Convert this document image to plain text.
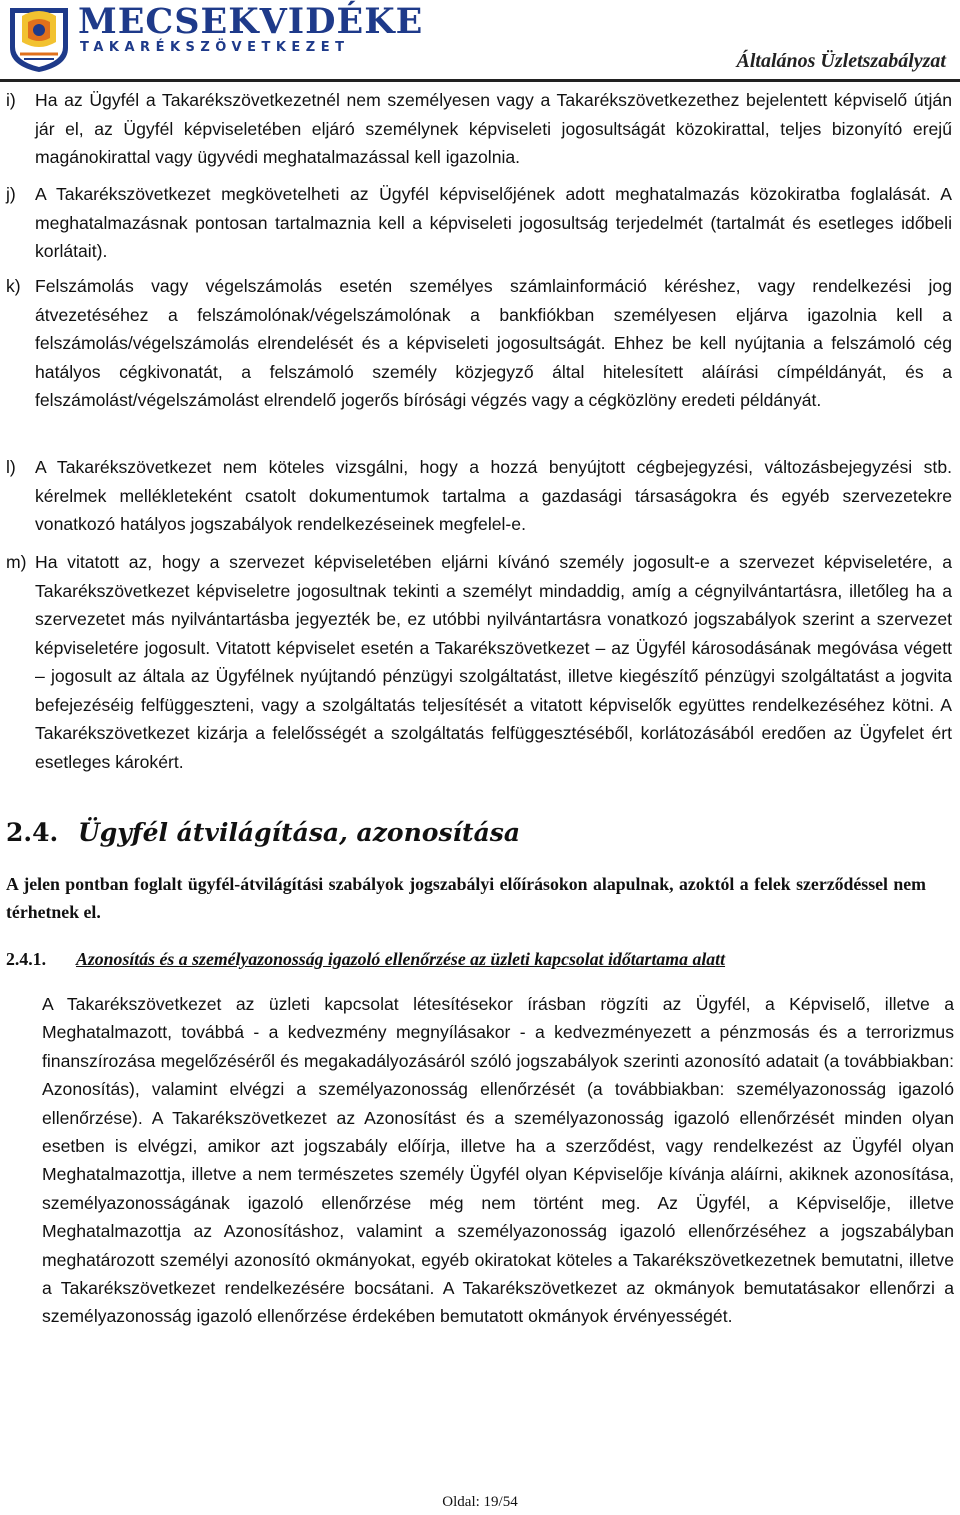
MECSEKVIDÉKE
TAKARÉKSZÖVETKEZET
Általános Üzletszabályzat
i) Ha az Ügyfél a Takarékszövetkezetnél nem személyesen vagy a Takarékszövetkezethez bejelentett képviselő útján jár el, az Ügyfél képviseletében eljáró személynek képviseleti jogosultságát közokirattal, teljes bizonyító erejű magánokirattal vagy ügyvédi meghatalmazással kell igazolnia.

j) A Takarékszövetkezet megkövetelheti az Ügyfél képviselőjének adott meghatalmazás közokiratba foglalását. A meghatalmazásnak pontosan tartalmaznia kell a képviseleti jogosultság terjedelmét (tartalmát és esetleges időbeli korlátait).

k) Felszámolás vagy végelszámolás esetén személyes számlainformáció kéréshez, vagy rendelkezési jog átvezetéséhez a felszámolónak/végelszámolónak a bankfiókban személyesen eljárva igazolnia kell a felszámolás/végelszámolás elrendelését és a képviseleti jogosultságát. Ehhez be kell nyújtania a felszámoló cég hatályos cégkivonatát, a felszámoló személy közjegyző által hitelesített aláírási címpéldányát, és a felszámolást/végelszámolást elrendelő jogerős bírósági végzés vagy a cégközlöny eredeti példányát.

l) A Takarékszövetkezet nem köteles vizsgálni, hogy a hozzá benyújtott cégbejegyzési, változásbejegyzési stb. kérelmek mellékleteként csatolt dokumentumok tartalma a gazdasági társaságokra és egyéb szervezetekre vonatkozó hatályos jogszabályok rendelkezéseinek megfelel-e.

m) Ha vitatott az, hogy a szervezet képviseletében eljárni kívánó személy jogosult-e a szervezet képviseletére, a Takarékszövetkezet képviseletre jogosultnak tekinti a személyt mindaddig, amíg a cégnyilvántartásra, illetőleg ha a szervezetet más nyilvántartásba jegyezték be, ez utóbbi nyilvántartásra vonatkozó jogszabályok szerint a szervezet képviseletére jogosult. Vitatott képviselet esetén a Takarékszövetkezet – az Ügyfél károsodásának megóvása végett – jogosult az általa az Ügyfélnek nyújtandó pénzügyi szolgáltatást, illetve kiegészítő pénzügyi szolgáltatást a jogvita befejezéséig felfüggeszteni, vagy a szolgáltatás teljesítését a vitatott képviselők együttes rendelkezéséhez kötni. A Takarékszövetkezet kizárja a felelősségét a szolgáltatás felfüggesztéséből, korlátozásából eredően az Ügyfelet ért esetleges károkért.

2.4. Ügyfél átvilágítása, azonosítása

A jelen pontban foglalt ügyfél-átvilágítási szabályok jogszabályi előírásokon alapulnak, azoktól a felek szerződéssel nem térhetnek el.

2.4.1. Azonosítás és a személyazonosság igazoló ellenőrzése az üzleti kapcsolat időtartama alatt

A Takarékszövetkezet az üzleti kapcsolat létesítésekor írásban rögzíti az Ügyfél, a Képviselő, illetve a Meghatalmazott, továbbá - a kedvezmény megnyílásakor - a kedvezményezett a pénzmosás és a terrorizmus finanszírozása megelőzéséről és megakadályozásáról szóló jogszabályok szerinti azonosító adatait (a továbbiakban: Azonosítás), valamint elvégzi a személyazonosság ellenőrzését (a továbbiakban: személyazonosság igazoló ellenőrzése). A Takarékszövetkezet az Azonosítást és a személyazonosság igazoló ellenőrzését minden olyan esetben is elvégzi, amikor azt jogszabály előírja, illetve ha a szerződést, vagy rendelkezést az Ügyfél olyan Meghatalmazottja, illetve a nem természetes személy Ügyfél olyan Képviselője kívánja aláírni, akiknek azonosítása, személyazonosságának igazoló ellenőrzése még nem történt meg. Az Ügyfél, a Képviselője, illetve Meghatalmazottja az Azonosításhoz, valamint a személyazonosság igazoló ellenőrzéséhez a jogszabályban meghatározott személyi azonosító okmányokat, egyéb okiratokat köteles a Takarékszövetkezetnek bemutatni, illetve a Takarékszövetkezet rendelkezésére bocsátani. A Takarékszövetkezet az okmányok bemutatásakor ellenőrzi a személyazonosság igazoló ellenőrzése érdekében bemutatott okmányok érvényességét.

Oldal: 19/54
